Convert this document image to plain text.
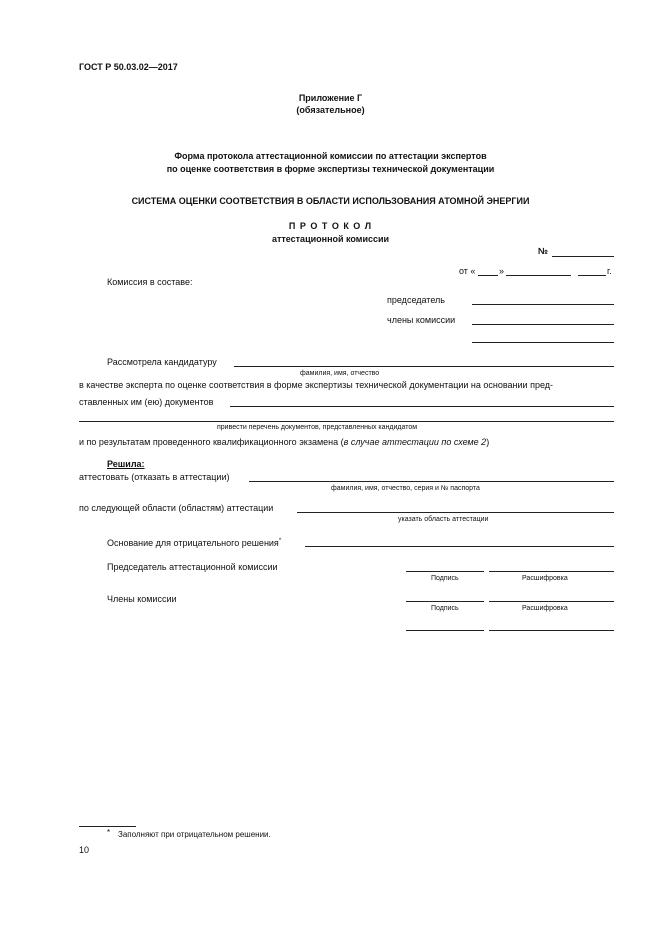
ГОСТ Р 50.03.02—2017
Приложение Г
(обязательное)
Форма протокола аттестационной комиссии по аттестации экспертов
по оценке соответствия в форме экспертизы технической документации
СИСТЕМА ОЦЕНКИ СООТВЕТСТВИЯ В ОБЛАСТИ ИСПОЛЬЗОВАНИЯ АТОМНОЙ ЭНЕРГИИ
П Р О Т О К О Л
аттестационной комиссии
№
от «	»	г.
Комиссия в составе:
председатель
члены комиссии
Рассмотрела кандидатуру
фамилия, имя, отчество
в качестве эксперта по оценке соответствия в форме экспертизы технической документации на основании пред-
ставленных им (ею) документов
привести перечень документов, представленных кандидатом
и по результатам проведенного квалификационного экзамена (в случае аттестации по схеме 2)
Решила:
аттестовать (отказать в аттестации)
фамилия, имя, отчество, серия и № паспорта
по следующей области (областям) аттестации
указать область аттестации
Основание для отрицательного решения*
Председатель аттестационной комиссии
Подпись	Расшифровка
Члены комиссии
Подпись	Расшифровка
* Заполняют при отрицательном решении.
10
